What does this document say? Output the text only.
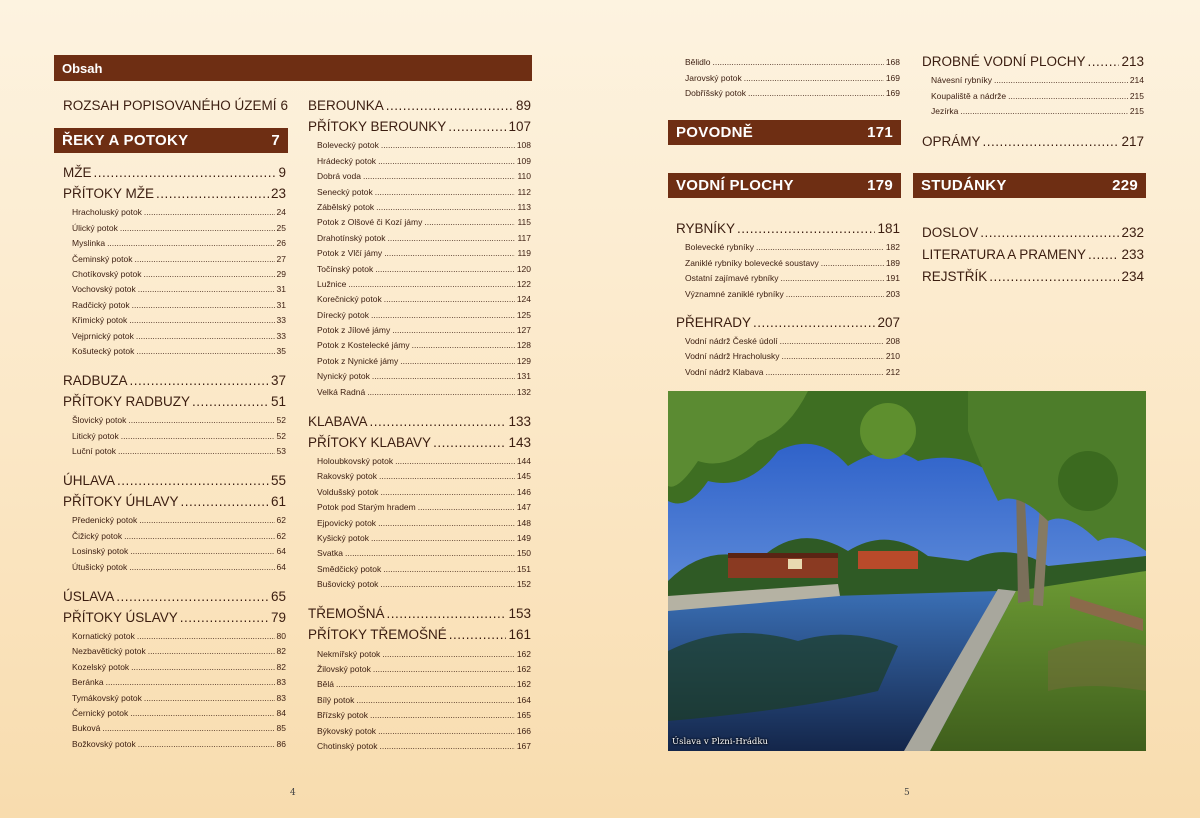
Obsah
ROZSAH POPISOVANÉHO ÚZEMÍ 6
ŘEKY A POTOKY	7
MŽE .....	9
PŘÍTOKY MŽE .....	23
Hracholuský potok .....	24
Úlický potok .....	25
Myslinka .....	26
Čeminský potok .....	27
Chotíkovský potok .....	29
Vochovský potok .....	31
Radčický potok .....	31
Křimický potok .....	33
Vejprnický potok .....	33
Košutecký potok .....	35
RADBUZA .....	37
PŘÍTOKY RADBUZY .....	51
Šlovický potok .....	52
Litický potok .....	52
Luční potok .....	53
ÚHLAVA .....	55
PŘÍTOKY ÚHLAVY .....	61
Předenický potok .....	62
Čižický potok .....	62
Losinský potok .....	64
Útušický potok .....	64
ÚSLAVA .....	65
PŘÍTOKY ÚSLAVY .....	79
Kornatický potok .....	80
Nezbavětický potok .....	82
Kozelský potok .....	82
Beránka .....	83
Tymákovský potok .....	83
Černický potok .....	84
Buková .....	85
Božkovský potok .....	86
BEROUNKA .....	89
PŘÍTOKY BEROUNKY .....	107
Bolevecký potok .....	108
Hrádecký potok .....	109
Dobrá voda .....	110
Senecký potok .....	112
Zábělský potok .....	113
Potok z Olšové či Kozí jámy .....	115
Drahotínský potok .....	117
Potok z Vlčí jámy .....	119
Točínský potok .....	120
Lužnice .....	122
Korečnický potok .....	124
Dírecký potok .....	125
Potok z Jílové jámy .....	127
Potok z Kostelecké jámy .....	128
Potok z Nynické jámy .....	129
Nynický potok .....	131
Velká Radná .....	132
KLABAVA .....	133
PŘÍTOKY KLABAVY .....	143
Holoubkovský potok .....	144
Rakovský potok .....	145
Voldušský potok .....	146
Potok pod Starým hradem .....	147
Ejpovický potok .....	148
Kyšický potok .....	149
Svatka .....	150
Smědčický potok .....	151
Bušovický potok .....	152
TŘEMOŠNÁ .....	153
PŘÍTOKY TŘEMOŠNÉ .....	161
Nekmířský potok .....	162
Žilovský potok .....	162
Bělá .....	162
Bílý potok .....	164
Břízský potok .....	165
Býkovský potok .....	166
Chotinský potok .....	167
Bělidlo .....	168
Jarovský potok .....	169
Dobříšský potok .....	169
POVODNĚ	171
VODNÍ PLOCHY	179
RYBNÍKY .....	181
Bolevecké rybníky .....	182
Zaniklé rybníky bolevecké soustavy .....	189
Ostatní zajímavé rybníky .....	191
Významné zaniklé rybníky .....	203
PŘEHRADY .....	207
Vodní nádrž České údolí .....	208
Vodní nádrž Hracholusky .....	210
Vodní nádrž Klabava .....	212
DROBNÉ VODNÍ PLOCHY .....	213
Návesní rybníky .....	214
Koupaliště a nádrže .....	215
Jezírka .....	215
OPRÁMY .....	217
STUDÁNKY	229
DOSLOV .....	232
LITERATURA A PRAMENY .....	233
REJSTŘÍK .....	234
Úslava v Plzni-Hrádku
4	5
